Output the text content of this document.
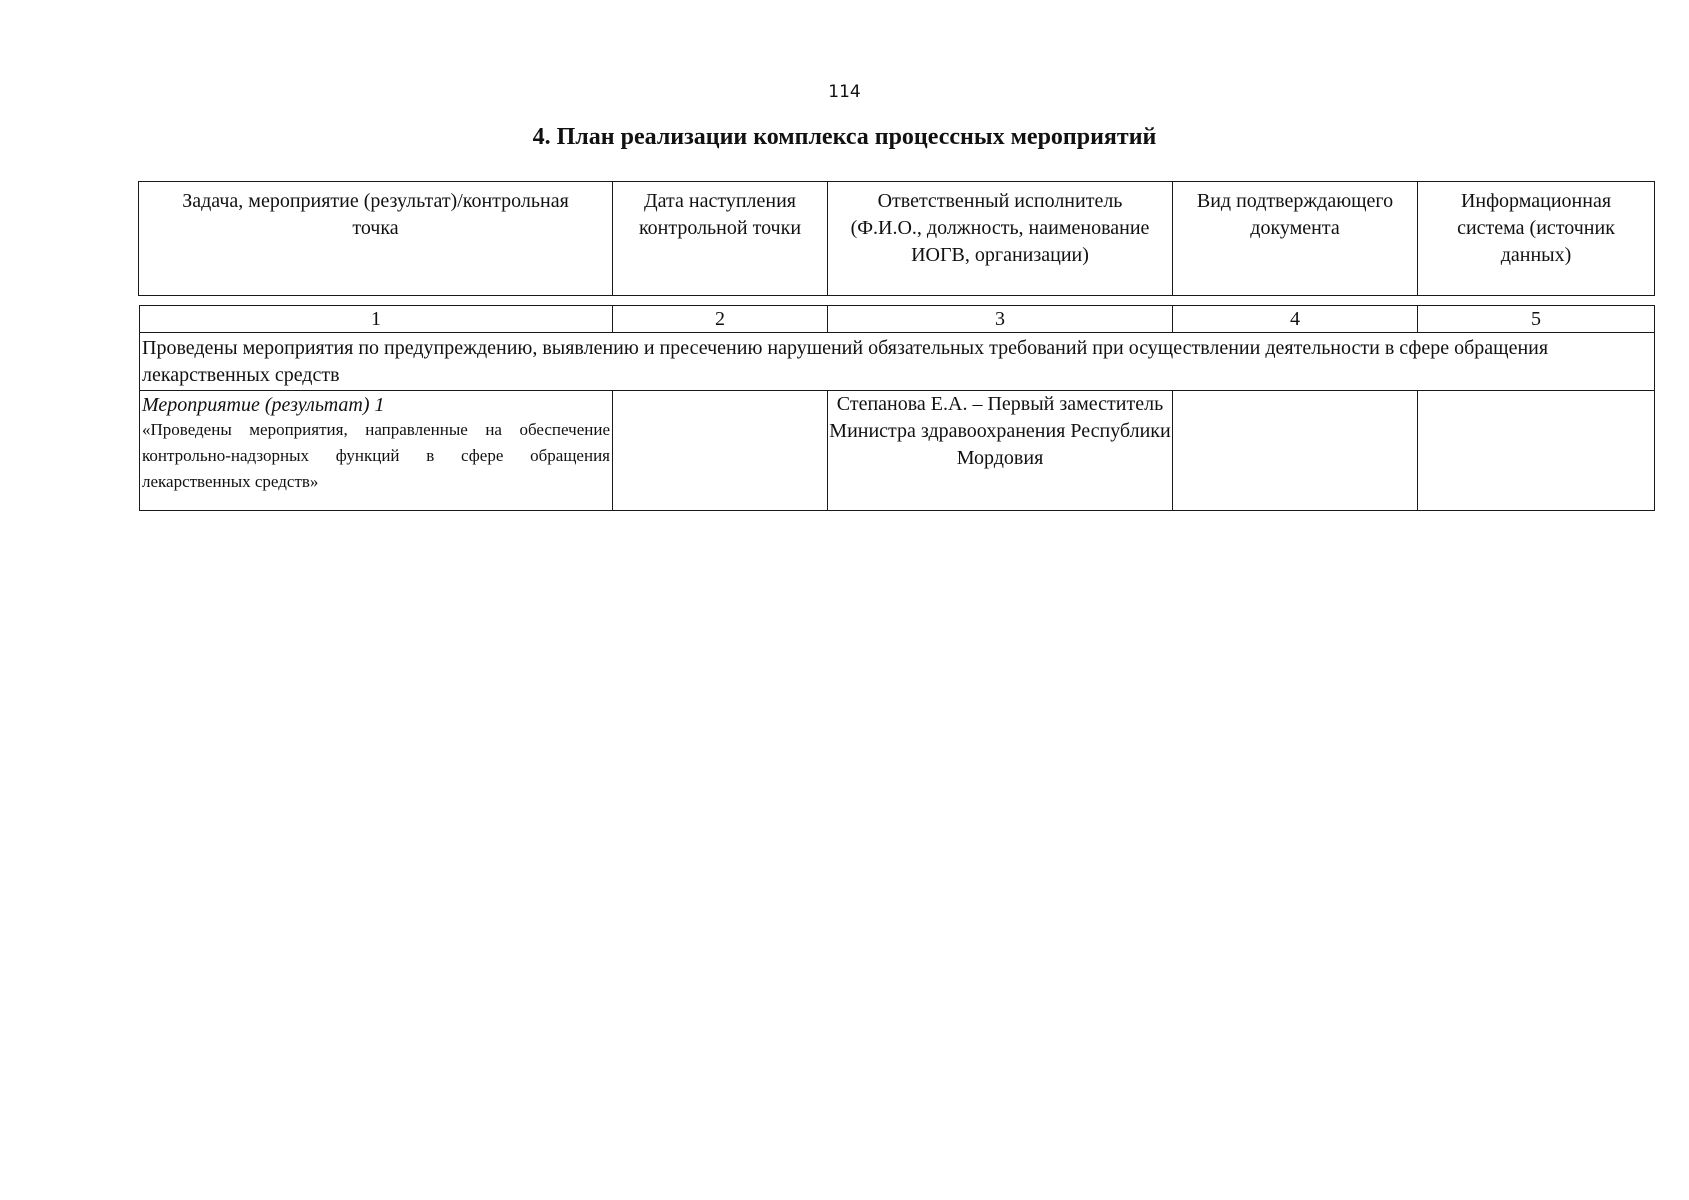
114
4. План реализации комплекса процессных мероприятий
Задача, мероприятие (результат)/контрольная точка	Дата наступления контрольной точки	Ответственный исполнитель (Ф.И.О., должность, наименование ИОГВ, организации)	Вид подтверждающего документа	Информационная система (источник данных)
1	2	3	4	5
Проведены мероприятия по предупреждению, выявлению и пресечению нарушений обязательных требований при осуществлении деятельности в сфере обращения лекарственных средств				

Мероприятие (результат) 1
«Проведены мероприятия, направленные на обеспечение контрольно-надзорных функций в сфере обращения лекарственных средств»		Степанова Е.А. – Первый заместитель Министра здравоохранения Республики Мордовия		
